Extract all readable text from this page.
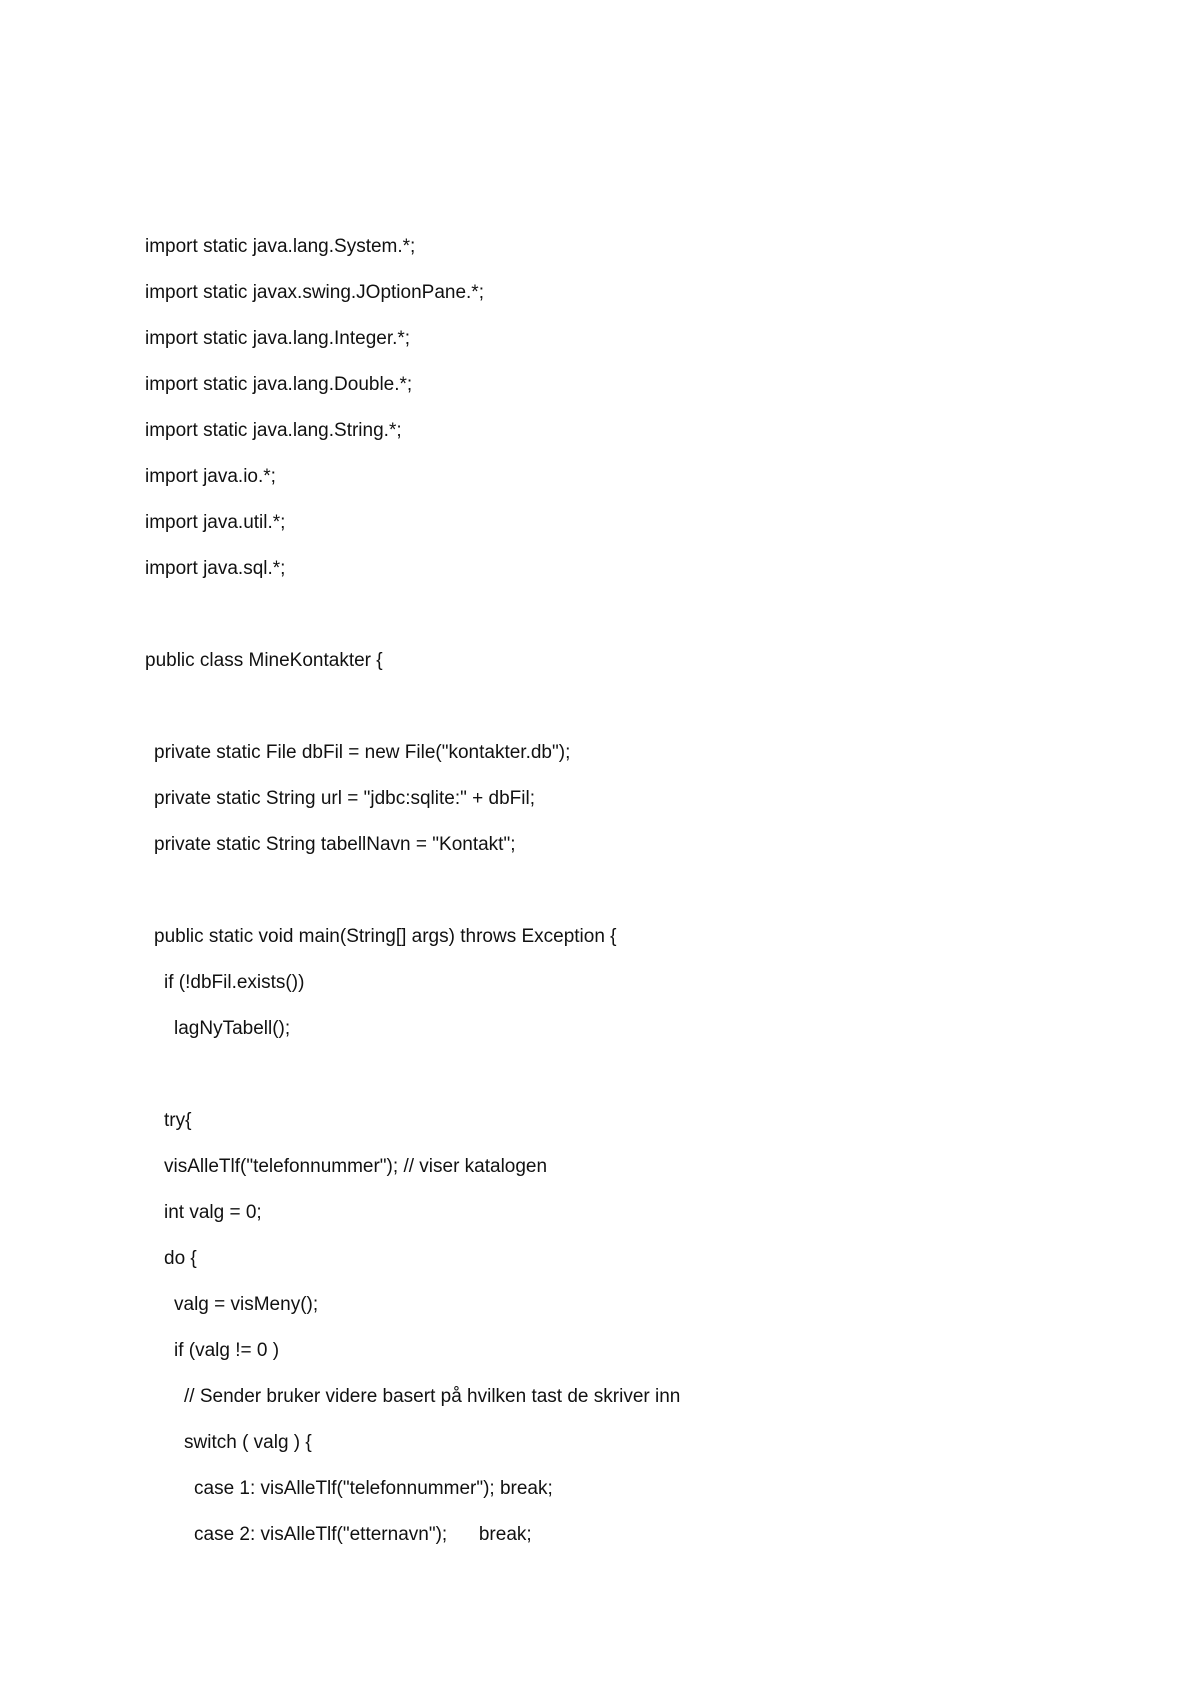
import static java.lang.System.*;
import static javax.swing.JOptionPane.*;
import static java.lang.Integer.*;
import static java.lang.Double.*;
import static java.lang.String.*;
import java.io.*;
import java.util.*;
import java.sql.*;
public class MineKontakter {
private static File dbFil = new File("kontakter.db");
private static String url = "jdbc:sqlite:" + dbFil;
private static String tabellNavn = "Kontakt";
public static void main(String[] args) throws Exception {
if (!dbFil.exists())
lagNyTabell();
try{
visAlleTlf("telefonnummer"); // viser katalogen
int valg = 0;
do {
valg = visMeny();
if (valg != 0 )
// Sender bruker videre basert på hvilken tast de skriver inn
switch ( valg ) {
case 1: visAlleTlf("telefonnummer"); break;
case 2: visAlleTlf("etternavn");      break;
